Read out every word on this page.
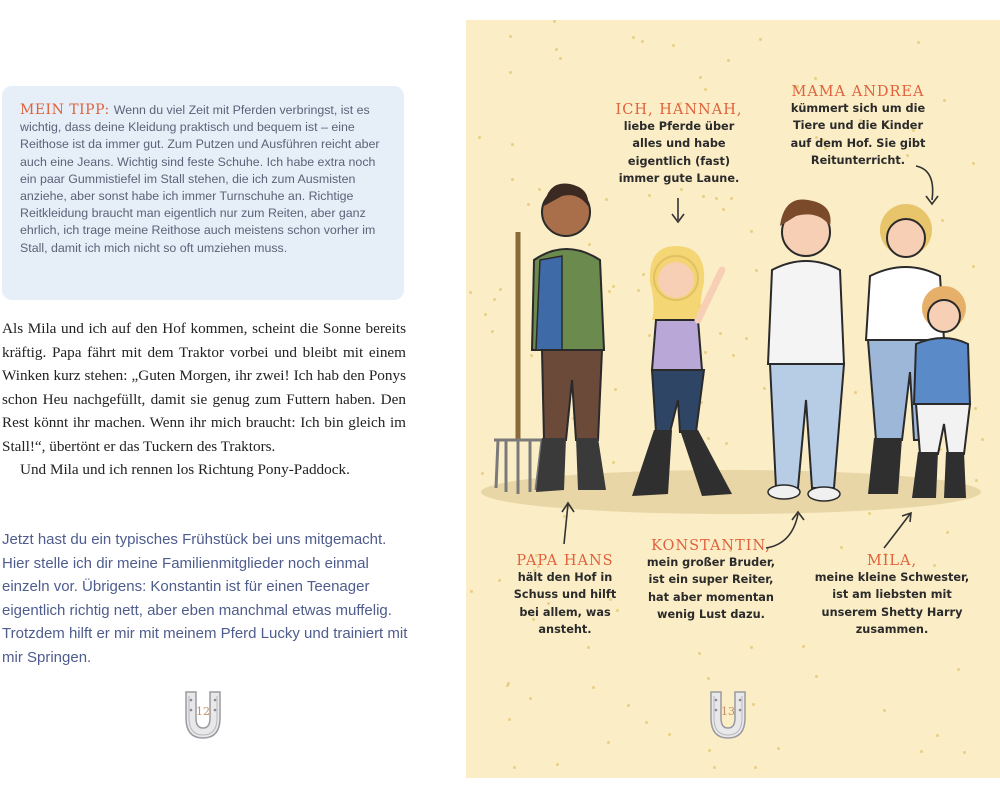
MEIN TIPP: Wenn du viel Zeit mit Pferden verbringst, ist es wichtig, dass deine Kleidung praktisch und bequem ist – eine Reithose ist da immer gut. Zum Putzen und Ausführen reicht aber auch eine Jeans. Wichtig sind feste Schuhe. Ich habe extra noch ein paar Gummistiefel im Stall stehen, die ich zum Ausmisten anziehe, aber sonst habe ich immer Turnschuhe an. Richtige Reitkleidung braucht man eigentlich nur zum Reiten, aber ganz ehrlich, ich trage meine Reithose auch meistens schon vorher im Stall, damit ich mich nicht so oft umziehen muss.

Als Mila und ich auf den Hof kommen, scheint die Sonne bereits kräftig. Papa fährt mit dem Traktor vorbei und bleibt mit einem Winken kurz stehen: „Guten Morgen, ihr zwei! Ich hab den Ponys schon Heu nachgefüllt, damit sie genug zum Futtern haben. Den Rest könnt ihr machen. Wenn ihr mich braucht: Ich bin gleich im Stall!“, übertönt er das Tuckern des Traktors.

Und Mila und ich rennen los Richtung Pony-Paddock.

Jetzt hast du ein typisches Frühstück bei uns mitgemacht. Hier stelle ich dir meine Familienmitglieder noch einmal einzeln vor. Übrigens: Konstantin ist für einen Teenager eigentlich richtig nett, aber eben manchmal etwas muffelig. Trotzdem hilft er mir mit meinem Pferd Lucky und trainiert mit mir Springen.

12
ICH, HANNAH,
liebe Pferde über
alles und habe
eigentlich (fast)
immer gute Laune.
MAMA ANDREA
kümmert sich um die
Tiere und die Kinder
auf dem Hof. Sie gibt
Reitunterricht.
PAPA HANS
hält den Hof in
Schuss und hilft
bei allem, was
ansteht.
KONSTANTIN,
mein großer Bruder,
ist ein super Reiter,
hat aber momentan
wenig Lust dazu.
MILA,
meine kleine Schwester,
ist am liebsten mit
unserem Shetty Harry
zusammen.
13
